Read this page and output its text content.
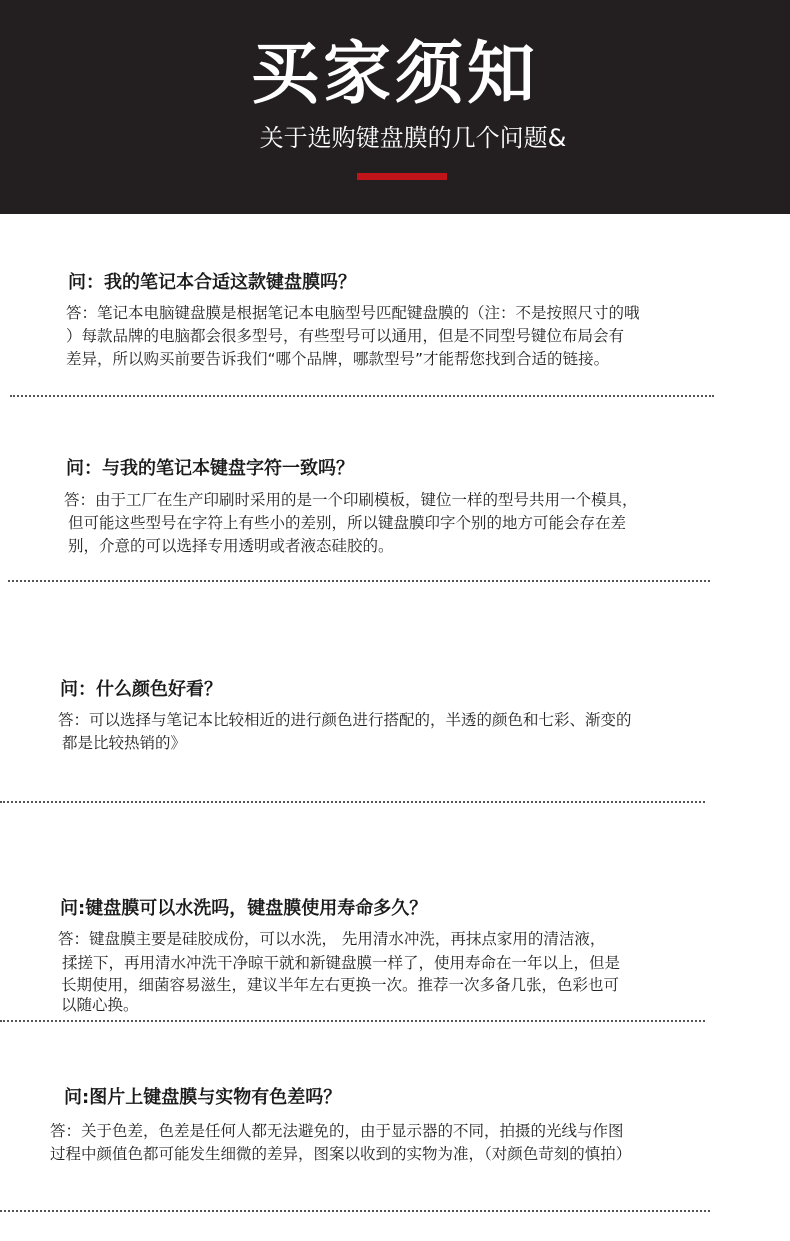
买家须知
关于选购键盘膜的几个问题&
问：我的笔记本合适这款键盘膜吗？
答：笔记本电脑键盘膜是根据笔记本电脑型号匹配键盘膜的（注：不是按照尺寸的哦
）每款品牌的电脑都会很多型号，有些型号可以通用，但是不同型号键位布局会有
差异，所以购买前要告诉我们“哪个品牌，哪款型号”才能帮您找到合适的链接。
问：与我的笔记本键盘字符一致吗？
答：由于工厂在生产印刷时采用的是一个印刷模板，键位一样的型号共用一个模具，
但可能这些型号在字符上有些小的差别，所以键盘膜印字个别的地方可能会存在差
别，介意的可以选择专用透明或者液态硅胶的。
问：什么颜色好看？
答：可以选择与笔记本比较相近的进行颜色进行搭配的，半透的颜色和七彩、渐变的
都是比较热销的》
问:键盘膜可以水洗吗，键盘膜使用寿命多久？
答：键盘膜主要是硅胶成份，可以水洗， 先用清水冲洗，再抹点家用的清洁液，
揉搓下，再用清水冲洗干净晾干就和新键盘膜一样了，使用寿命在一年以上，但是
长期使用，细菌容易滋生，建议半年左右更换一次。推荐一次多备几张，色彩也可
以随心换。
问:图片上键盘膜与实物有色差吗？
答：关于色差，色差是任何人都无法避免的，由于显示器的不同，拍摄的光线与作图
过程中颜值色都可能发生细微的差异，图案以收到的实物为准，（对颜色苛刻的慎拍）
